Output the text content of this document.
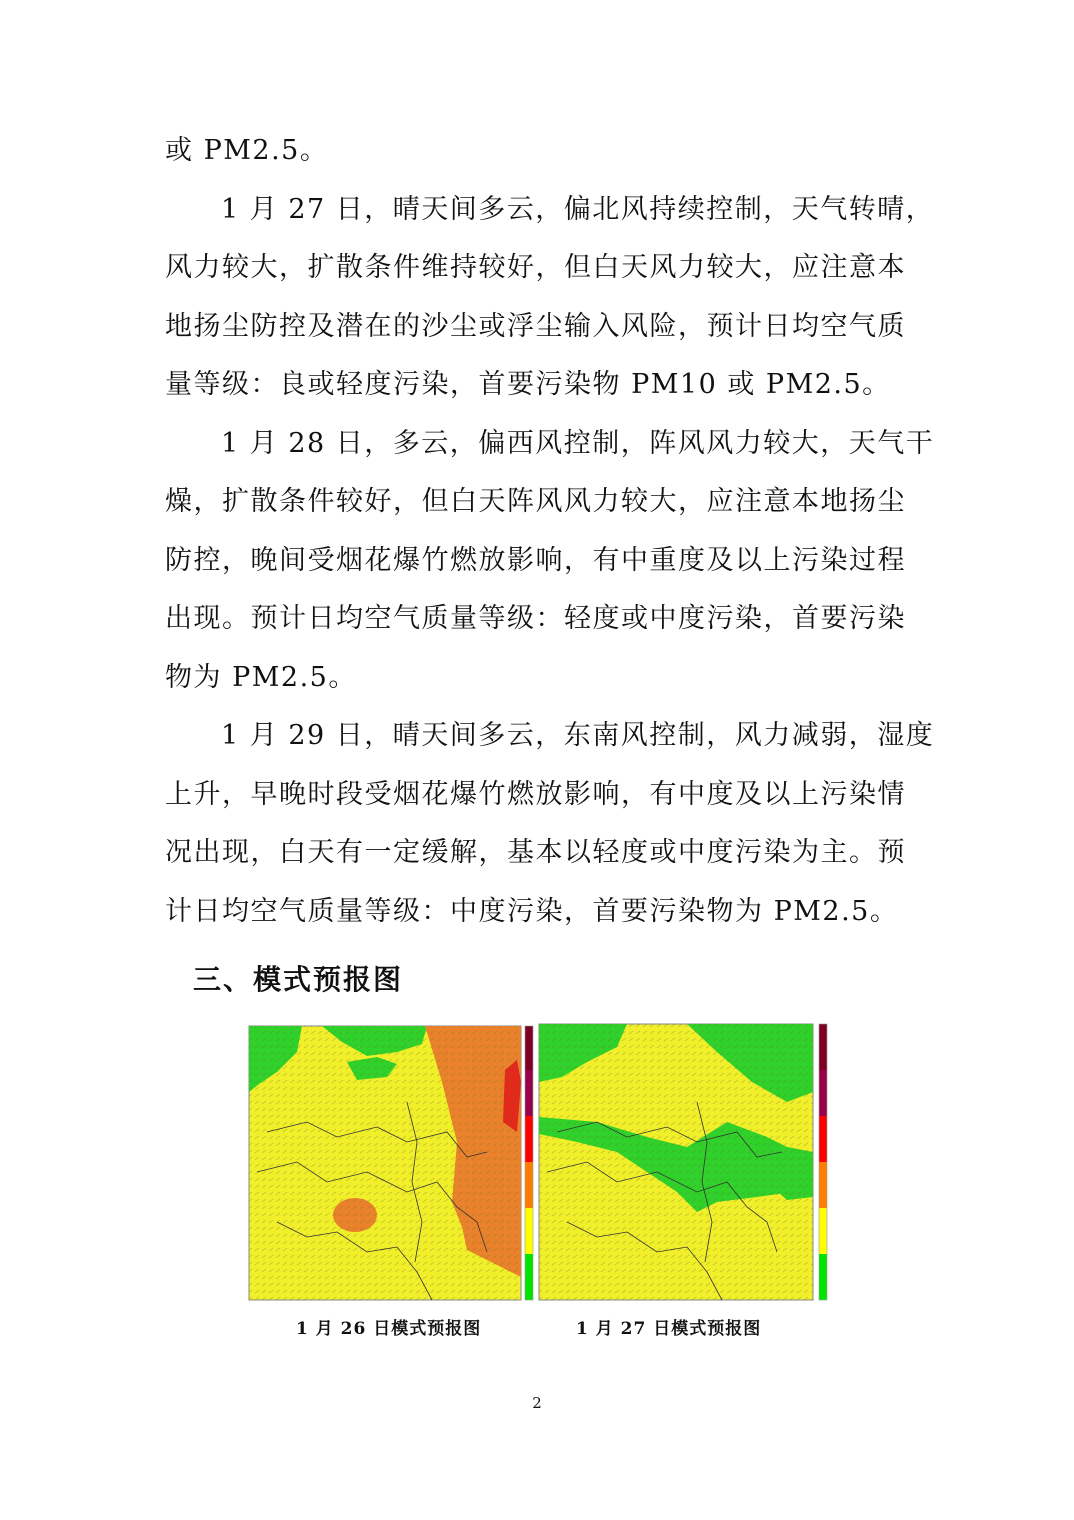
或 PM2.5。
1 月 27 日，晴天间多云，偏北风持续控制，天气转晴，
风力较大，扩散条件维持较好，但白天风力较大，应注意本
地扬尘防控及潜在的沙尘或浮尘输入风险，预计日均空气质
量等级：良或轻度污染，首要污染物 PM10 或 PM2.5。
1 月 28 日，多云，偏西风控制，阵风风力较大，天气干
燥，扩散条件较好，但白天阵风风力较大，应注意本地扬尘
防控，晚间受烟花爆竹燃放影响，有中重度及以上污染过程
出现。预计日均空气质量等级：轻度或中度污染，首要污染
物为 PM2.5。
1 月 29 日，晴天间多云，东南风控制，风力减弱，湿度
上升，早晚时段受烟花爆竹燃放影响，有中度及以上污染情
况出现，白天有一定缓解，基本以轻度或中度污染为主。预
计日均空气质量等级：中度污染，首要污染物为 PM2.5。
三、模式预报图
1 月 26 日模式预报图	1 月 27 日模式预报图
2
